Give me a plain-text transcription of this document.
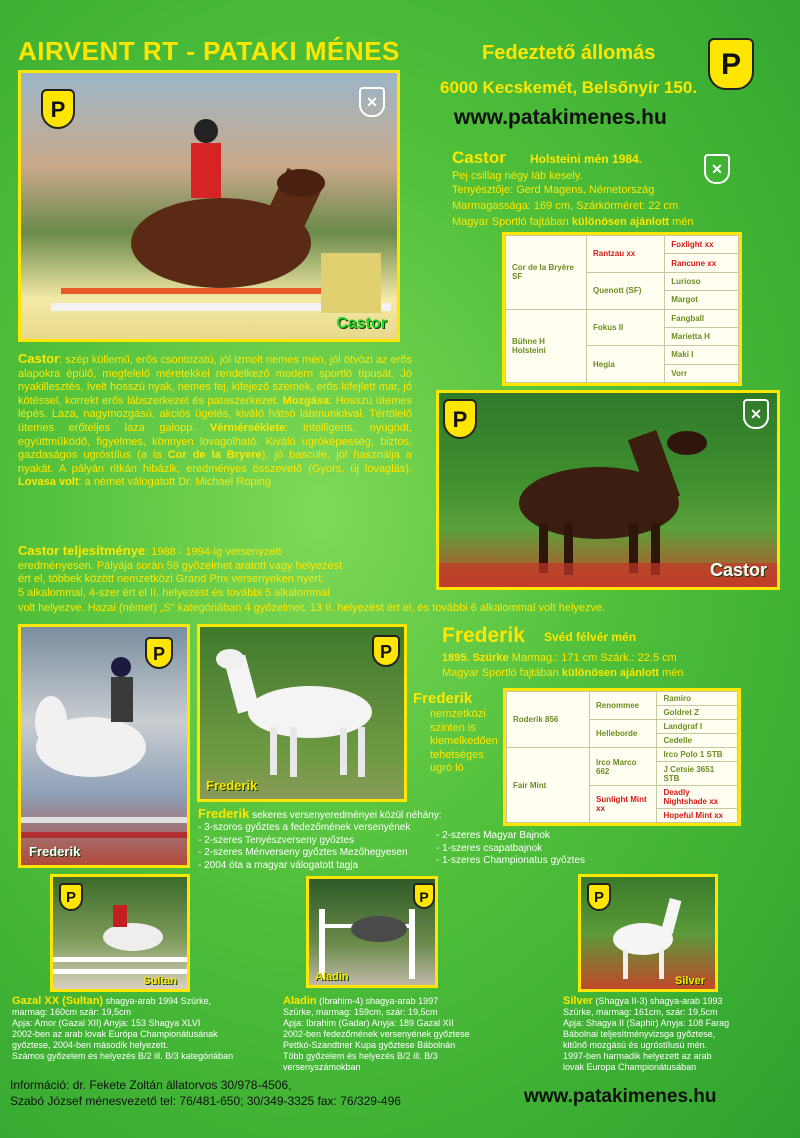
AIRVENT RT - PATAKI MÉNES	Fedeztető állomás	P
6000 Kecskemét, Belsőnyír 150.
www.patakimenes.hu
P	✕
Castor
Castor Holsteini mén 1984.
✕
Pej csillag négy láb kesely.
Tenyésztője: Gerd Magens, Németország
Marmagassága: 169 cm, Szárkörméret: 22 cm
Magyar Sportló fajtában különösen ajánlott mén
Cor de la Bryère SF	Rantzau xx	Foxlight xx
		Rancune xx
	Quenott (SF)	Lurioso
		Margot
Bühne H Holsteini	Fokus II	Fangball
		Marietta H
	Hegia	Maki I
		Vorr
Castor: szép küllemű, erős csontozatú, jól izmolt nemes mén, jól ötvözi az erős alapokra épülő, megfelelő méretekkel rendelkező modern sportló típusát. Jó nyakillesztés, ívelt hosszú nyak, nemes fej, kifejező szemek, erős kifejlett mar, jó kötéssel, korrekt erős lábszerkezet és pataszerkezet. Mozgása: Hosszú ütemes lépés. Laza, nagymozgású, akciós ügetés, kiváló hátsó lábmunkával. Tértölelő ütemes erőteljes laza galopp. Vérmérséklete: Intelligens, nyugodt, együttműködő, figyelmes, könnyen lovagolható. Kiváló ugróképesség, biztos, gazdaságos ugróstílus (a la Cor de la Bryere), jó bascule, jól használja a nyakát. A pályán ritkán hibázik, eredményes összevető (Gyors, új lovaglás). Lovasa volt: a német válogatott Dr. Michael Roping
P	✕
Castor
Castor teljesítménye: 1988 - 1994-ig versenyzett
eredményesen. Pályája során 59 győzelmet aratott vagy helyezést
ért el, többek között nemzetközi Grand Prix versenyeken nyert.
5 alkalommal, 4-szer ért el II. helyezést és további 5 alkalommal
volt helyezve. Hazai (német) „S" kategóriában 4 győzelmet, 13 II. helyezést ért el, és további 6 alkalommal volt helyezve.
P
Frederik
P
Frederik
Frederik
nemzetközi
szinten is
kiemelkedően
tehetséges
ugró ló
Frederik Svéd félvér mén
1895. Szürke Marmag.: 171 cm Szárk.: 22.5 cm
Magyar Sportló fajtában különösen ajánlott mén
Roderik 856	Renommee	Ramiro
		Goldret Z
	Helleborde	Landgraf I
		Cedelle
Fair Mint	Irco Marco 662	Irco Polo 1 STB
		J Cetsie 3651 STB
	Sunlight Mint xx	Deadly Nightshade xx
		Hopeful Mint xx
Frederik sekeres versenyeredményei közül néhány:
- 3-szoros győztes a fedezőmének versenyének
- 2-szeres Tenyészverseny győztes
- 2-szeres Ménverseny győztes Mezőhegyesen
- 2004 óta a magyar válogatott tagja
- 2-szeres Magyar Bajnok
- 1-szeres csapatbajnok
- 1-szeres Championatus győztes
P
Sultan
P
Aladin
P
Silver
Gazal XX (Sultan) shagya-arab 1994 Szürke,
marmag: 160cm szár: 19,5cm
Apja: Amor (Gazal XII) Anyja: 153 Shagya XLVI
2002-ben az arab lovak Európa Championátusának
győztese, 2004-ben második helyezett.
Számos győzelem és helyezés B/2 ill. B/3 kategóriában
Aladin (Ibrahim-4) shagya-arab 1997
Szürke, marmag: 159cm, szár: 19,5cm
Apja: Ibrahim (Gadar) Anyja: 189 Gazal XII
2002-ben fedezőmének versenyének győztese
Pettkó-Szandtner Kupa győztese Bábolnán
Több győzelem és helyezés B/2 ill. B/3
versenyszámokban
Silver (Shagya II-3) shagya-arab 1993
Szürke, marmag: 161cm, szár: 19,5cm
Apja: Shagya II (Saphir) Anyja: 108 Farag
Bábolnai teljesítményvizsga győztese,
kitűnő mozgású és ugróstílusú mén.
1997-ben harmadik helyezett az arab
lovak Europa Championátusában
Információ: dr. Fekete Zoltán állatorvos 30/978-4506,
Szabó József ménesvezető tel: 76/481-650; 30/349-3325 fax: 76/329-496	www.patakimenes.hu
